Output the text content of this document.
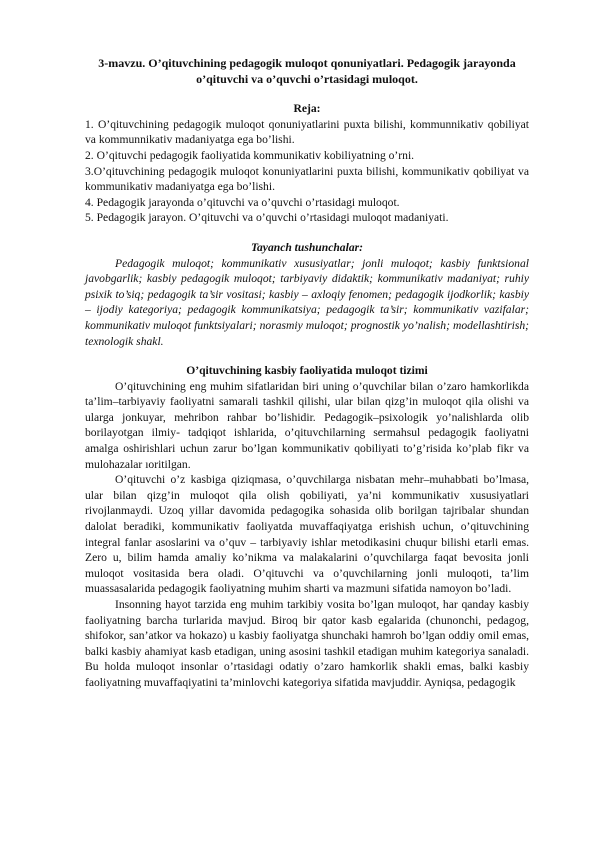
3-mavzu. O’qituvchining pedagogik muloqot qonuniyatlari. Pedagogik jarayonda o’qituvchi va o’quvchi o’rtasidagi muloqot.

Reja:

1. O’qituvchining pedagogik muloqot qonuniyatlarini puxta bilishi, kommunnikativ qobiliyat va kommunnikativ madaniyatga ega bo’lishi.

2. O’qituvchi pedagogik faoliyatida kommunikativ kobiliyatning o’rni.

3.O’qituvchining pedagogik muloqot konuniyatlarini puxta bilishi, kommunikativ qobiliyat va kommunikativ madaniyatga ega bo’lishi.

4. Pedagogik jarayonda o’qituvchi va o’quvchi o’rtasidagi muloqot.

5. Pedagogik jarayon. O’qituvchi va o’quvchi o’rtasidagi muloqot madaniyati.

Tayanch tushunchalar:

Pedagogik muloqot; kommunikativ xususiyatlar; jonli muloqot; kasbiy funktsional javobgarlik; kasbiy pedagogik muloqot; tarbiyaviy didaktik; kommunikativ madaniyat; ruhiy psixik to’siq; pedagogik ta’sir vositasi; kasbiy – axloqiy fenomen; pedagogik ijodkorlik; kasbiy – ijodiy kategoriya; pedagogik kommunikatsiya; pedagogik ta’sir; kommunikativ vazifalar; kommunikativ muloqot funktsiyalari; norasmiy muloqot; prognostik yo’nalish; modellashtirish; texnologik shakl.

O’qituvchining kasbiy faoliyatida muloqot tizimi

O’qituvchining eng muhim sifatlaridan biri uning o’quvchilar bilan o’zaro hamkorlikda ta’lim–tarbiyaviy faoliyatni samarali tashkil qilishi, ular bilan qizg’in muloqot qila olishi va ularga jonkuyar, mehribon rahbar bo’lishidir. Pedagogik–psixologik yo’nalishlarda olib borilayotgan ilmiy- tadqiqot ishlarida, o’qituvchilarning sermahsul pedagogik faoliyatni amalga oshirishlari uchun zarur bo’lgan kommunikativ qobiliyati to’g’risida ko’plab fikr va mulohazalar ıoritilgan.

O’qituvchi o’z kasbiga qiziqmasa, o’quvchilarga nisbatan mehr–muhabbati bo’lmasa, ular bilan qizg’in muloqot qila olish qobiliyati, ya’ni kommunikativ xususiyatlari rivojlanmaydi. Uzoq yillar davomida pedagogika sohasida olib borilgan tajribalar shundan dalolat beradiki, kommunikativ faoliyatda muvaffaqiyatga erishish uchun, o’qituvchining integral fanlar asoslarini va o’quv – tarbiyaviy ishlar metodikasini chuqur bilishi etarli emas. Zero u, bilim hamda amaliy ko’nikma va malakalarini o’quvchilarga faqat bevosita jonli muloqot vositasida bera oladi. O’qituvchi va o’quvchilarning jonli muloqoti, ta’lim muassasalarida pedagogik faoliyatning muhim sharti va mazmuni sifatida namoyon bo’ladi.

Insonning hayot tarzida eng muhim tarkibiy vosita bo’lgan muloqot, har qanday kasbiy faoliyatning barcha turlarida mavjud. Biroq bir qator kasb egalarida (chunonchi, pedagog, shifokor, san’atkor va hokazo) u kasbiy faoliyatga shunchaki hamroh bo’lgan oddiy omil emas, balki kasbiy ahamiyat kasb etadigan, uning asosini tashkil etadigan muhim kategoriya sanaladi. Bu holda muloqot insonlar o’rtasidagi odatiy o’zaro hamkorlik shakli emas, balki kasbiy faoliyatning muvaffaqiyatini ta’minlovchi kategoriya sifatida mavjuddir. Ayniqsa, pedagogik
